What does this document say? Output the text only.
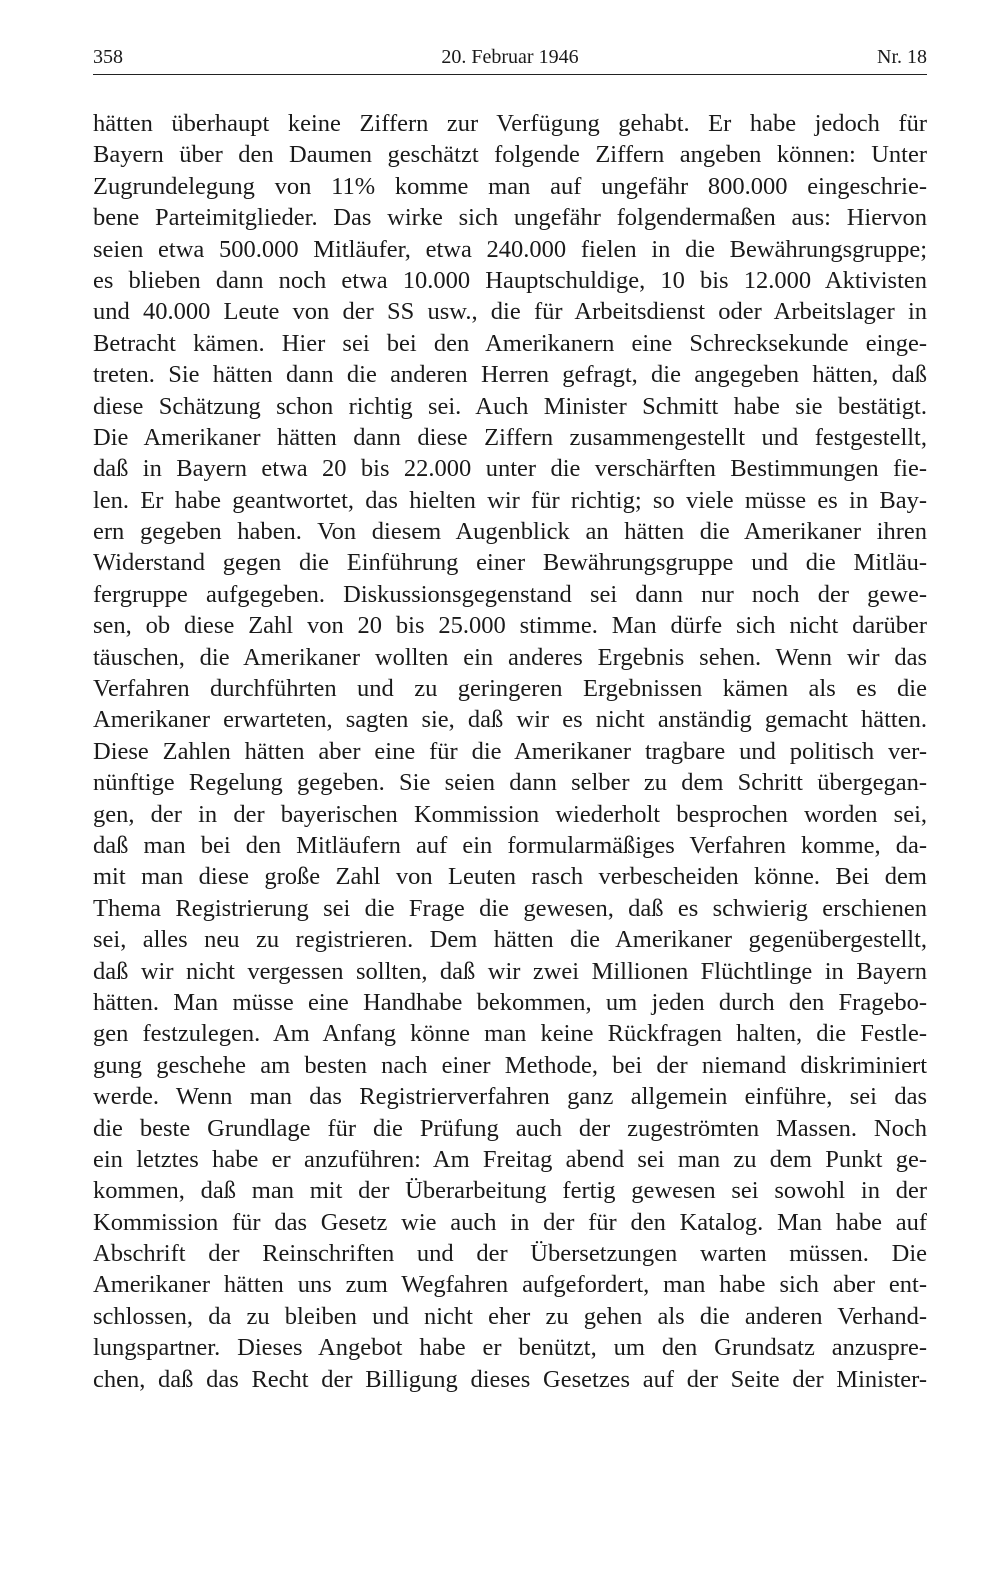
358	20. Februar 1946	Nr. 18
hätten überhaupt keine Ziffern zur Verfügung gehabt. Er habe jedoch für
Bayern über den Daumen geschätzt folgende Ziffern angeben können: Unter
Zugrundelegung von 11% komme man auf ungefähr 800.000 eingeschrie-
bene Parteimitglieder. Das wirke sich ungefähr folgendermaßen aus: Hiervon
seien etwa 500.000 Mitläufer, etwa 240.000 fielen in die Bewährungsgruppe;
es blieben dann noch etwa 10.000 Hauptschuldige, 10 bis 12.000 Aktivisten
und 40.000 Leute von der SS usw., die für Arbeitsdienst oder Arbeitslager in
Betracht kämen. Hier sei bei den Amerikanern eine Schrecksekunde einge-
treten. Sie hätten dann die anderen Herren gefragt, die angegeben hätten, daß
diese Schätzung schon richtig sei. Auch Minister Schmitt habe sie bestätigt.
Die Amerikaner hätten dann diese Ziffern zusammengestellt und festgestellt,
daß in Bayern etwa 20 bis 22.000 unter die verschärften Bestimmungen fie-
len. Er habe geantwortet, das hielten wir für richtig; so viele müsse es in Bay-
ern gegeben haben. Von diesem Augenblick an hätten die Amerikaner ihren
Widerstand gegen die Einführung einer Bewährungsgruppe und die Mitläu-
fergruppe aufgegeben. Diskussionsgegenstand sei dann nur noch der gewe-
sen, ob diese Zahl von 20 bis 25.000 stimme. Man dürfe sich nicht darüber
täuschen, die Amerikaner wollten ein anderes Ergebnis sehen. Wenn wir das
Verfahren durchführten und zu geringeren Ergebnissen kämen als es die
Amerikaner erwarteten, sagten sie, daß wir es nicht anständig gemacht hätten.
Diese Zahlen hätten aber eine für die Amerikaner tragbare und politisch ver-
nünftige Regelung gegeben. Sie seien dann selber zu dem Schritt übergegan-
gen, der in der bayerischen Kommission wiederholt besprochen worden sei,
daß man bei den Mitläufern auf ein formularmäßiges Verfahren komme, da-
mit man diese große Zahl von Leuten rasch verbescheiden könne. Bei dem
Thema Registrierung sei die Frage die gewesen, daß es schwierig erschienen
sei, alles neu zu registrieren. Dem hätten die Amerikaner gegenübergestellt,
daß wir nicht vergessen sollten, daß wir zwei Millionen Flüchtlinge in Bayern
hätten. Man müsse eine Handhabe bekommen, um jeden durch den Fragebo-
gen festzulegen. Am Anfang könne man keine Rückfragen halten, die Festle-
gung geschehe am besten nach einer Methode, bei der niemand diskriminiert
werde. Wenn man das Registrierverfahren ganz allgemein einführe, sei das
die beste Grundlage für die Prüfung auch der zugeströmten Massen. Noch
ein letztes habe er anzuführen: Am Freitag abend sei man zu dem Punkt ge-
kommen, daß man mit der Überarbeitung fertig gewesen sei sowohl in der
Kommission für das Gesetz wie auch in der für den Katalog. Man habe auf
Abschrift der Reinschriften und der Übersetzungen warten müssen. Die
Amerikaner hätten uns zum Wegfahren aufgefordert, man habe sich aber ent-
schlossen, da zu bleiben und nicht eher zu gehen als die anderen Verhand-
lungspartner. Dieses Angebot habe er benützt, um den Grundsatz anzuspre-
chen, daß das Recht der Billigung dieses Gesetzes auf der Seite der Minister-
